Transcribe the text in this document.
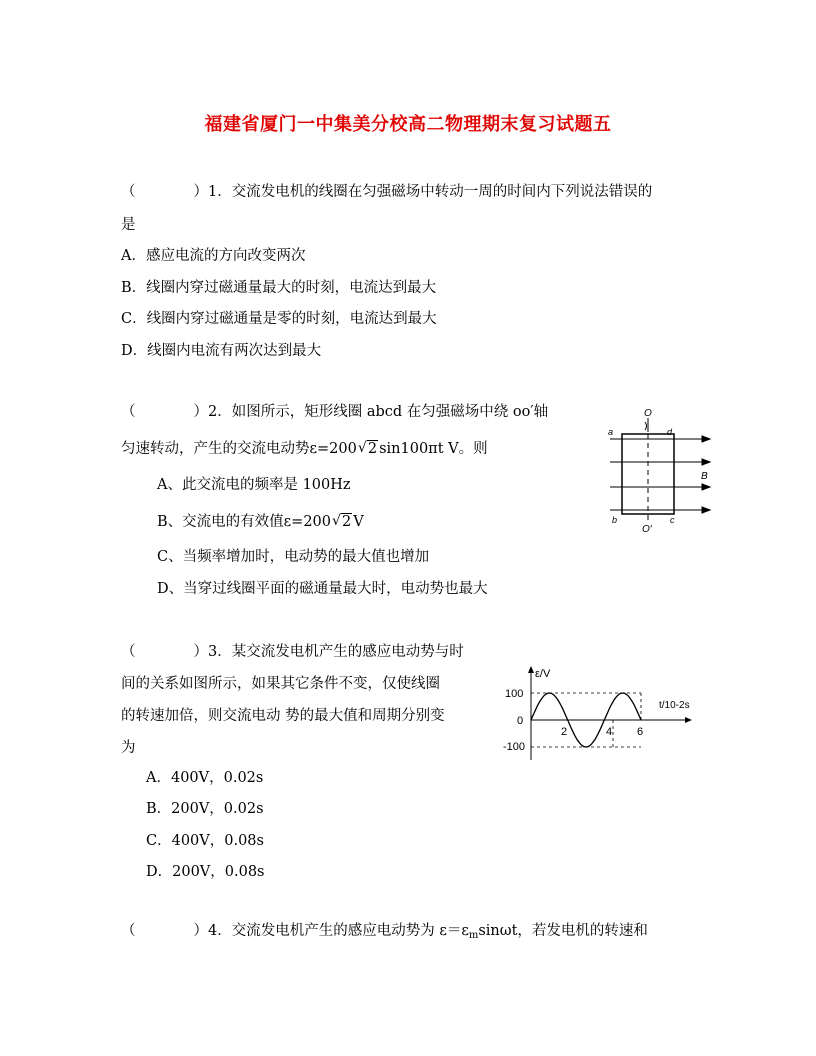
福建省厦门一中集美分校高二物理期末复习试题五
（　　　　）1．交流发电机的线圈在匀强磁场中转动一周的时间内下列说法错误的
是
A．感应电流的方向改变两次
B．线圈内穿过磁通量最大的时刻，电流达到最大
C．线圈内穿过磁通量是零的时刻，电流达到最大
D．线圈内电流有两次达到最大
（　　　　）2．如图所示，矩形线圈 abcd 在匀强磁场中绕 oo′轴
匀速转动，产生的交流电动势ε=200 √ 2 sin100πt V。则
A、此交流电的频率是 100Hz
B、交流电的有效值ε=200 √ 2 V
C、当频率增加时，电动势的最大值也增加
D、当穿过线圈平面的磁通量最大时，电动势也最大
O
a	d
B
b	c
O′
（　　　　）3．某交流发电机产生的感应电动势与时
间的关系如图所示，如果其它条件不变，仅使线圈
的转速加倍，则交流电动 势的最大值和周期分别变
为
A．400V，0.02s
B．200V，0.02s
C．400V，0.08s
D．200V，0.08s
ε/V
t/10-2s
100
0
-100
2	4 6
（　　　　）4．交流发电机产生的感应电动势为 $\varepsilon=\varepsilon_m\sin\omega t$，若发电机的转速和
